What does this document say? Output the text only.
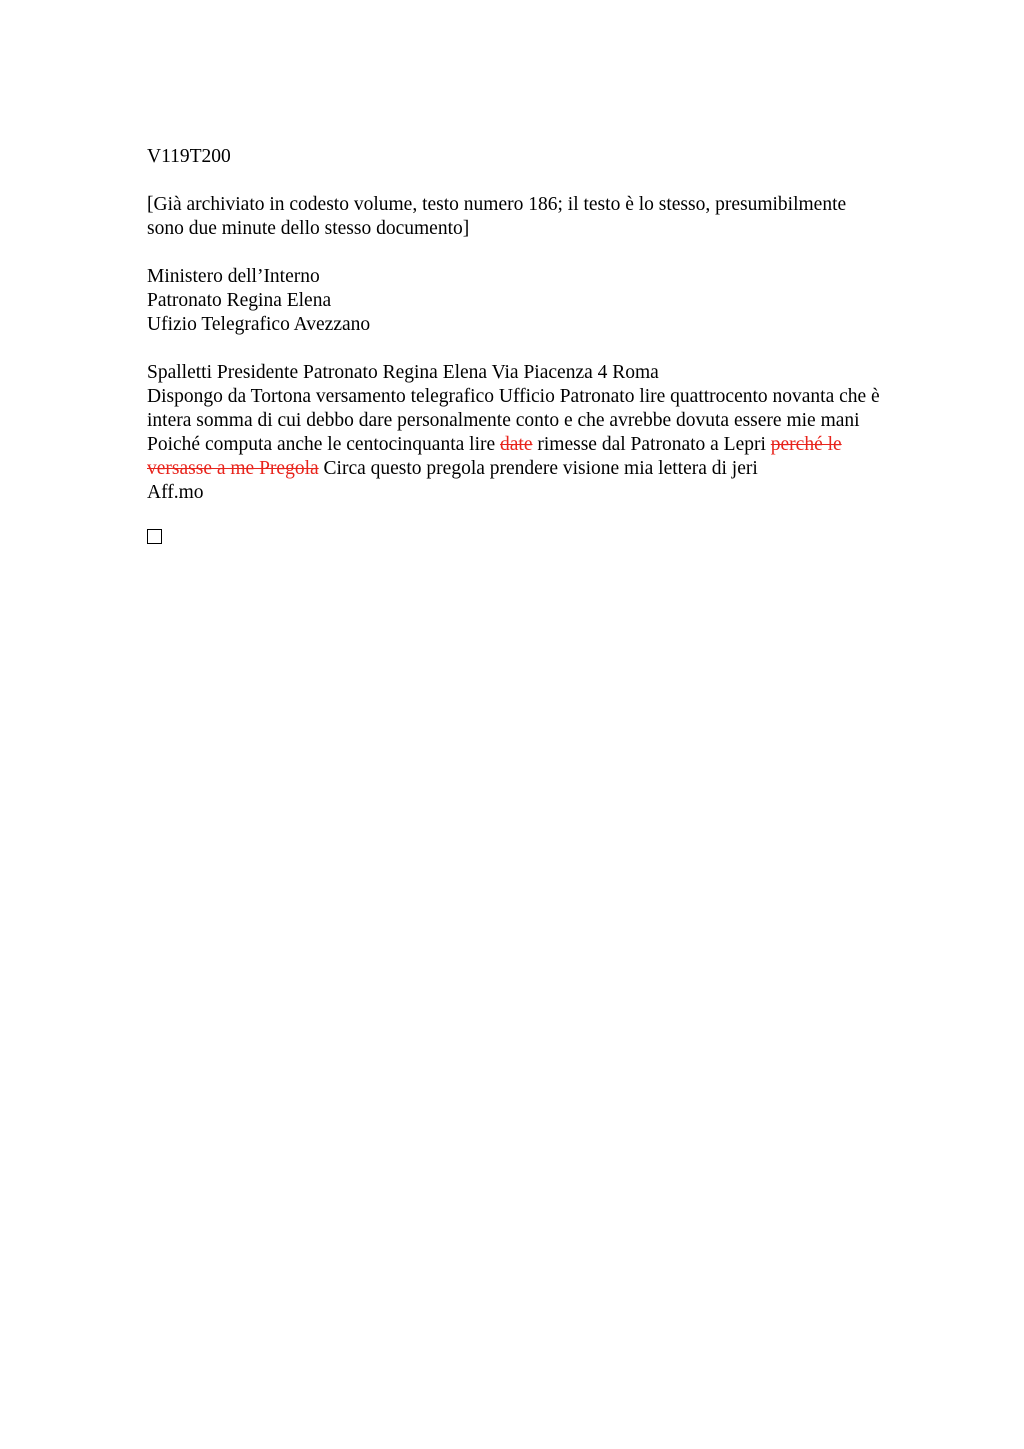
V119T200
[Già archiviato in codesto volume, testo numero 186; il testo è lo stesso, presumibilmente
sono due minute dello stesso documento]
Ministero dell’Interno
Patronato Regina Elena
Ufizio Telegrafico Avezzano
Spalletti Presidente Patronato Regina Elena Via Piacenza 4 Roma
Dispongo da Tortona versamento telegrafico Ufficio Patronato lire quattrocento novanta che è
intera somma di cui debbo dare personalmente conto e che avrebbe dovuta essere mie mani
Poiché computa anche le centocinquanta lire date rimesse dal Patronato a Lepri perché le
versasse a me Pregola Circa questo pregola prendere visione mia lettera di jeri
Aff.mo
